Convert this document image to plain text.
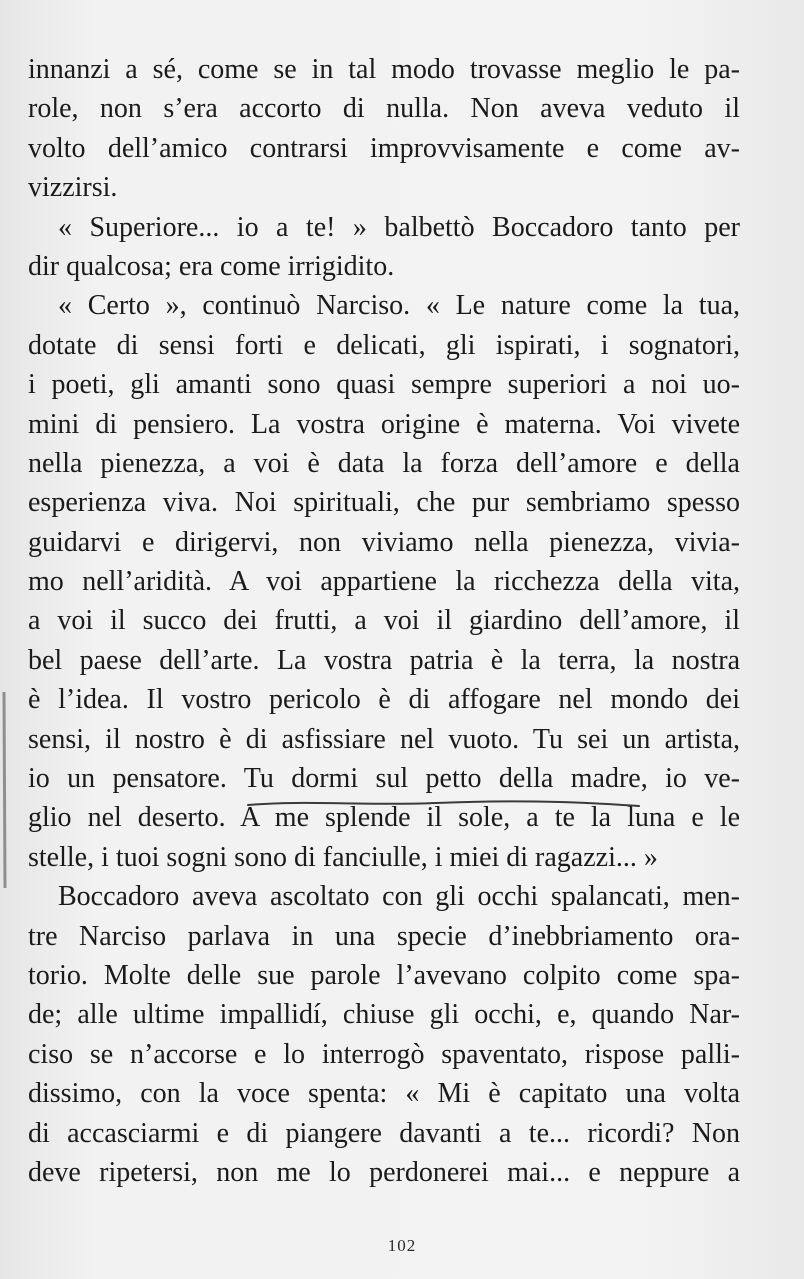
innanzi a sé, come se in tal modo trovasse meglio le pa-
role, non s’era accorto di nulla. Non aveva veduto il
volto dell’amico contrarsi improvvisamente e come av-
vizzirsi.
« Superiore... io a te! » balbettò Boccadoro tanto per
dir qualcosa; era come irrigidito.
« Certo », continuò Narciso. « Le nature come la tua,
dotate di sensi forti e delicati, gli ispirati, i sognatori,
i poeti, gli amanti sono quasi sempre superiori a noi uo-
mini di pensiero. La vostra origine è materna. Voi vivete
nella pienezza, a voi è data la forza dell’amore e della
esperienza viva. Noi spirituali, che pur sembriamo spesso
guidarvi e dirigervi, non viviamo nella pienezza, vivia-
mo nell’aridità. A voi appartiene la ricchezza della vita,
a voi il succo dei frutti, a voi il giardino dell’amore, il
bel paese dell’arte. La vostra patria è la terra, la nostra
è l’idea. Il vostro pericolo è di affogare nel mondo dei
sensi, il nostro è di asfissiare nel vuoto. Tu sei un artista,
io un pensatore. Tu dormi sul petto della madre, io ve-
glio nel deserto. A me splende il sole, a te la luna e le
stelle, i tuoi sogni sono di fanciulle, i miei di ragazzi... »
Boccadoro aveva ascoltato con gli occhi spalancati, men-
tre Narciso parlava in una specie d’inebbriamento ora-
torio. Molte delle sue parole l’avevano colpito come spa-
de; alle ultime impallidí, chiuse gli occhi, e, quando Nar-
ciso se n’accorse e lo interrogò spaventato, rispose palli-
dissimo, con la voce spenta: « Mi è capitato una volta
di accasciarmi e di piangere davanti a te... ricordi? Non
deve ripetersi, non me lo perdonerei mai... e neppure a
102
